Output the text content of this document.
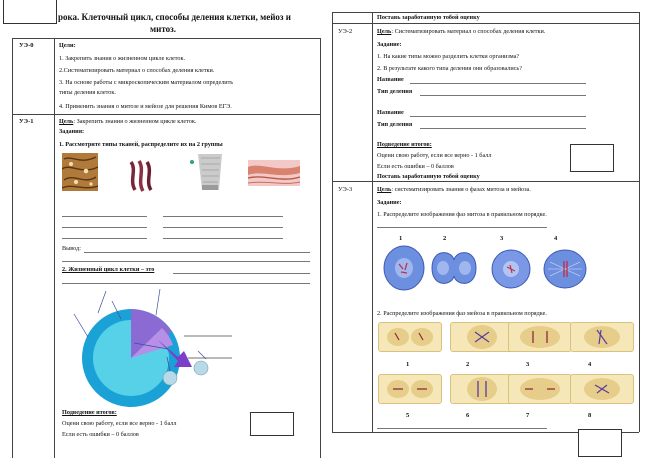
рока. Клеточный цикл, способы деления клетки, мейоз и
митоз.
УЭ-0	Цели:
1. Закрепить знания о жизненном цикле клеток.
2.Систематизировать материал о способах деления клетки.
3. На основе работы с микроскопическим материалом определить
типы деления клеток.
4. Применить знания о митозе и мейозе для решения Кимов ЕГЭ.
УЭ-1	Цель: Закрепить знания о жизненном цикле клеток.
Задания:
1. Рассмотрите типы тканей, распределите их на 2 группы
Вывод:
2. Жизненный цикл клетки – это
Подведение итогов:
Оцени свою работу, если все верно - 1 балл
Если есть ошибки – 0 баллов
Поставь заработанную тобой оценку
УЭ-2	Цель: Систематизировать материал о способах деления клетки.
Задание:
1. На какие типы можно разделить клетки организма?
2. В результате какого типа деления они образовались?
Название
Тип деления
Название
Тип деления
Подведение итогов:
Оцени свою работу, если все верно - 1 балл
Если есть ошибки – 0 баллов
Поставь заработанную тобой оценку
УЭ-3	Цель: систематизировать знания о фазах митоза и мейоза.
Задание:
1. Распределите изображения фаз митоза в правильном порядке.
1	2	3	4
2. Распределите изображения фаз мейоза в правильном порядке.
1	2	3	4
5	6	7	8
